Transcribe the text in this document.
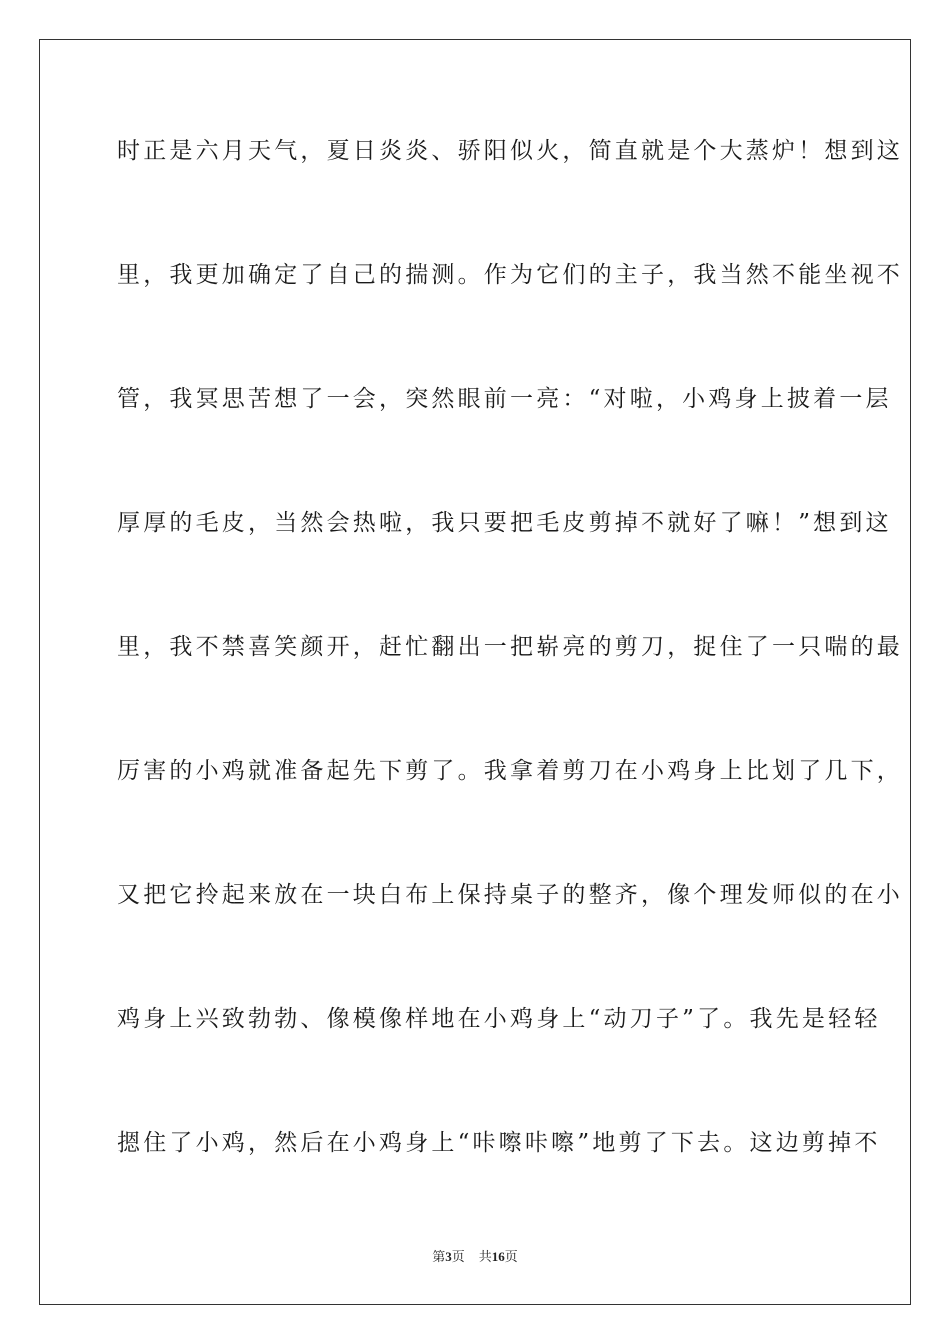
时正是六月天气，夏日炎炎、骄阳似火，简直就是个大蒸炉！想到这
里，我更加确定了自己的揣测。作为它们的主子，我当然不能坐视不
管，我冥思苦想了一会，突然眼前一亮：“对啦，小鸡身上披着一层
厚厚的毛皮，当然会热啦，我只要把毛皮剪掉不就好了嘛！”想到这
里，我不禁喜笑颜开，赶忙翻出一把崭亮的剪刀，捉住了一只喘的最
厉害的小鸡就准备起先下剪了。我拿着剪刀在小鸡身上比划了几下，
又把它拎起来放在一块白布上保持桌子的整齐，像个理发师似的在小
鸡身上兴致勃勃、像模像样地在小鸡身上“动刀子”了。我先是轻轻
摁住了小鸡，然后在小鸡身上“咔嚓咔嚓”地剪了下去。这边剪掉不
第3页 共16页
